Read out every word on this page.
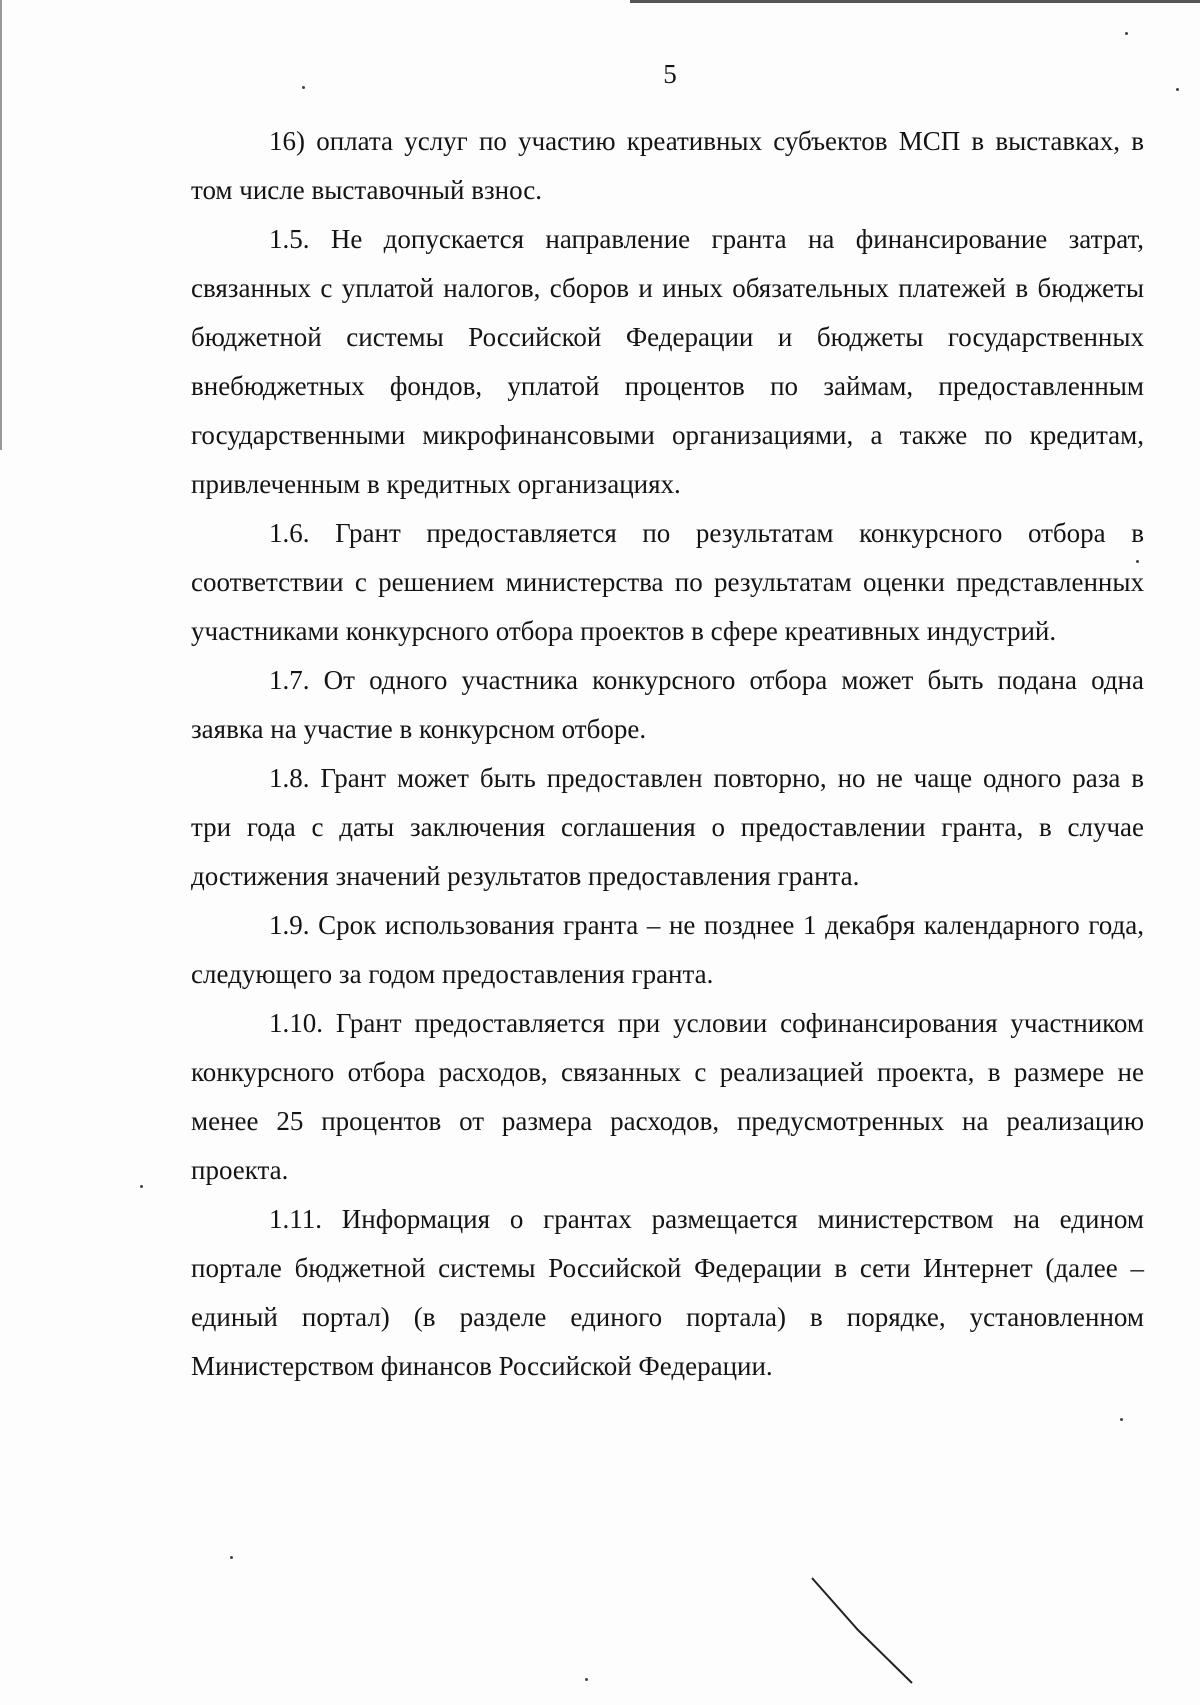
5

16) оплата услуг по участию креативных субъектов МСП в выставках, в том числе выставочный взнос.

1.5. Не допускается направление гранта на финансирование затрат, связанных с уплатой налогов, сборов и иных обязательных платежей в бюджеты бюджетной системы Российской Федерации и бюджеты государственных внебюджетных фондов, уплатой процентов по займам, предоставленным государственными микрофинансовыми организациями, а также по кредитам, привлеченным в кредитных организациях.

1.6. Грант предоставляется по результатам конкурсного отбора в соответствии с решением министерства по результатам оценки представленных участниками конкурсного отбора проектов в сфере креативных индустрий.

1.7. От одного участника конкурсного отбора может быть подана одна заявка на участие в конкурсном отборе.

1.8. Грант может быть предоставлен повторно, но не чаще одного раза в три года с даты заключения соглашения о предоставлении гранта, в случае достижения значений результатов предоставления гранта.

1.9. Срок использования гранта – не позднее 1 декабря календарного года, следующего за годом предоставления гранта.

1.10. Грант предоставляется при условии софинансирования участником конкурсного отбора расходов, связанных с реализацией проекта, в размере не менее 25 процентов от размера расходов, предусмотренных на реализацию проекта.

1.11. Информация о грантах размещается министерством на едином портале бюджетной системы Российской Федерации в сети Интернет (далее – единый портал) (в разделе единого портала) в порядке, установленном Министерством финансов Российской Федерации.
